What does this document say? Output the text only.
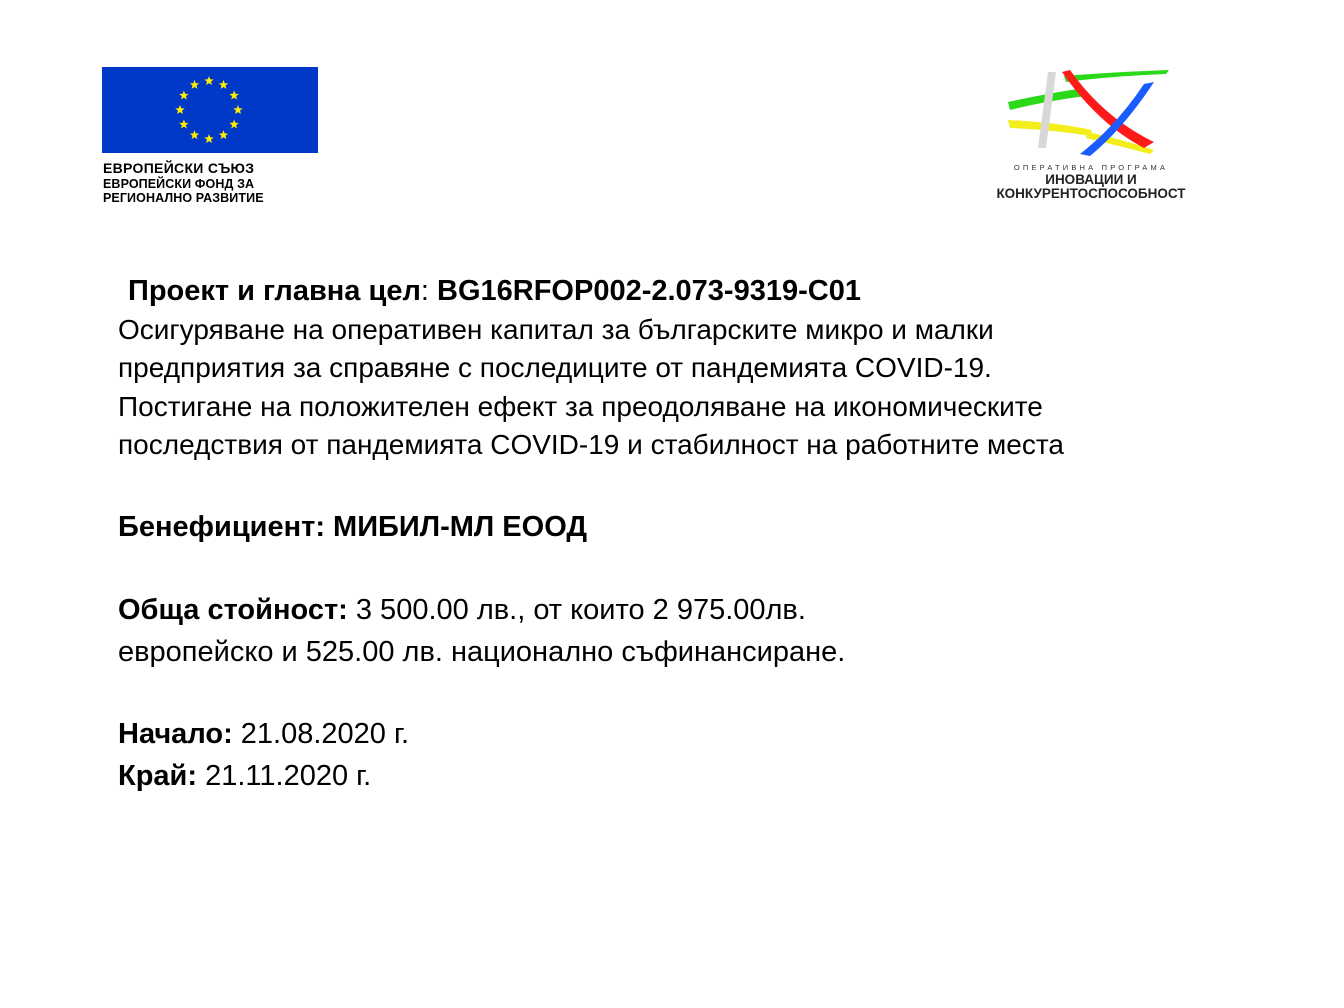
ЕВРОПЕЙСКИ СЪЮЗ
ЕВРОПЕЙСКИ ФОНД ЗА
РЕГИОНАЛНО РАЗВИТИЕ
ОПЕРАТИВНА ПРОГРАМА
ИНОВАЦИИ И
КОНКУРЕНТОСПОСОБНОСТ
Проект и главна цел: BG16RFOP002-2.073-9319-C01
Осигуряване на оперативен капитал за българските микро и малки
предприятия за справяне с последиците от пандемията COVID-19.
Постигане на положителен ефект за преодоляване на икономическите
последствия от пандемията COVID-19 и стабилност на работните места
Бенефициент: МИБИЛ-МЛ ЕООД
Обща стойност: 3 500.00 лв., от които 2 975.00лв.
европейско и 525.00 лв. национално съфинансиране.
Начало: 21.08.2020 г.
Край: 21.11.2020 г.
